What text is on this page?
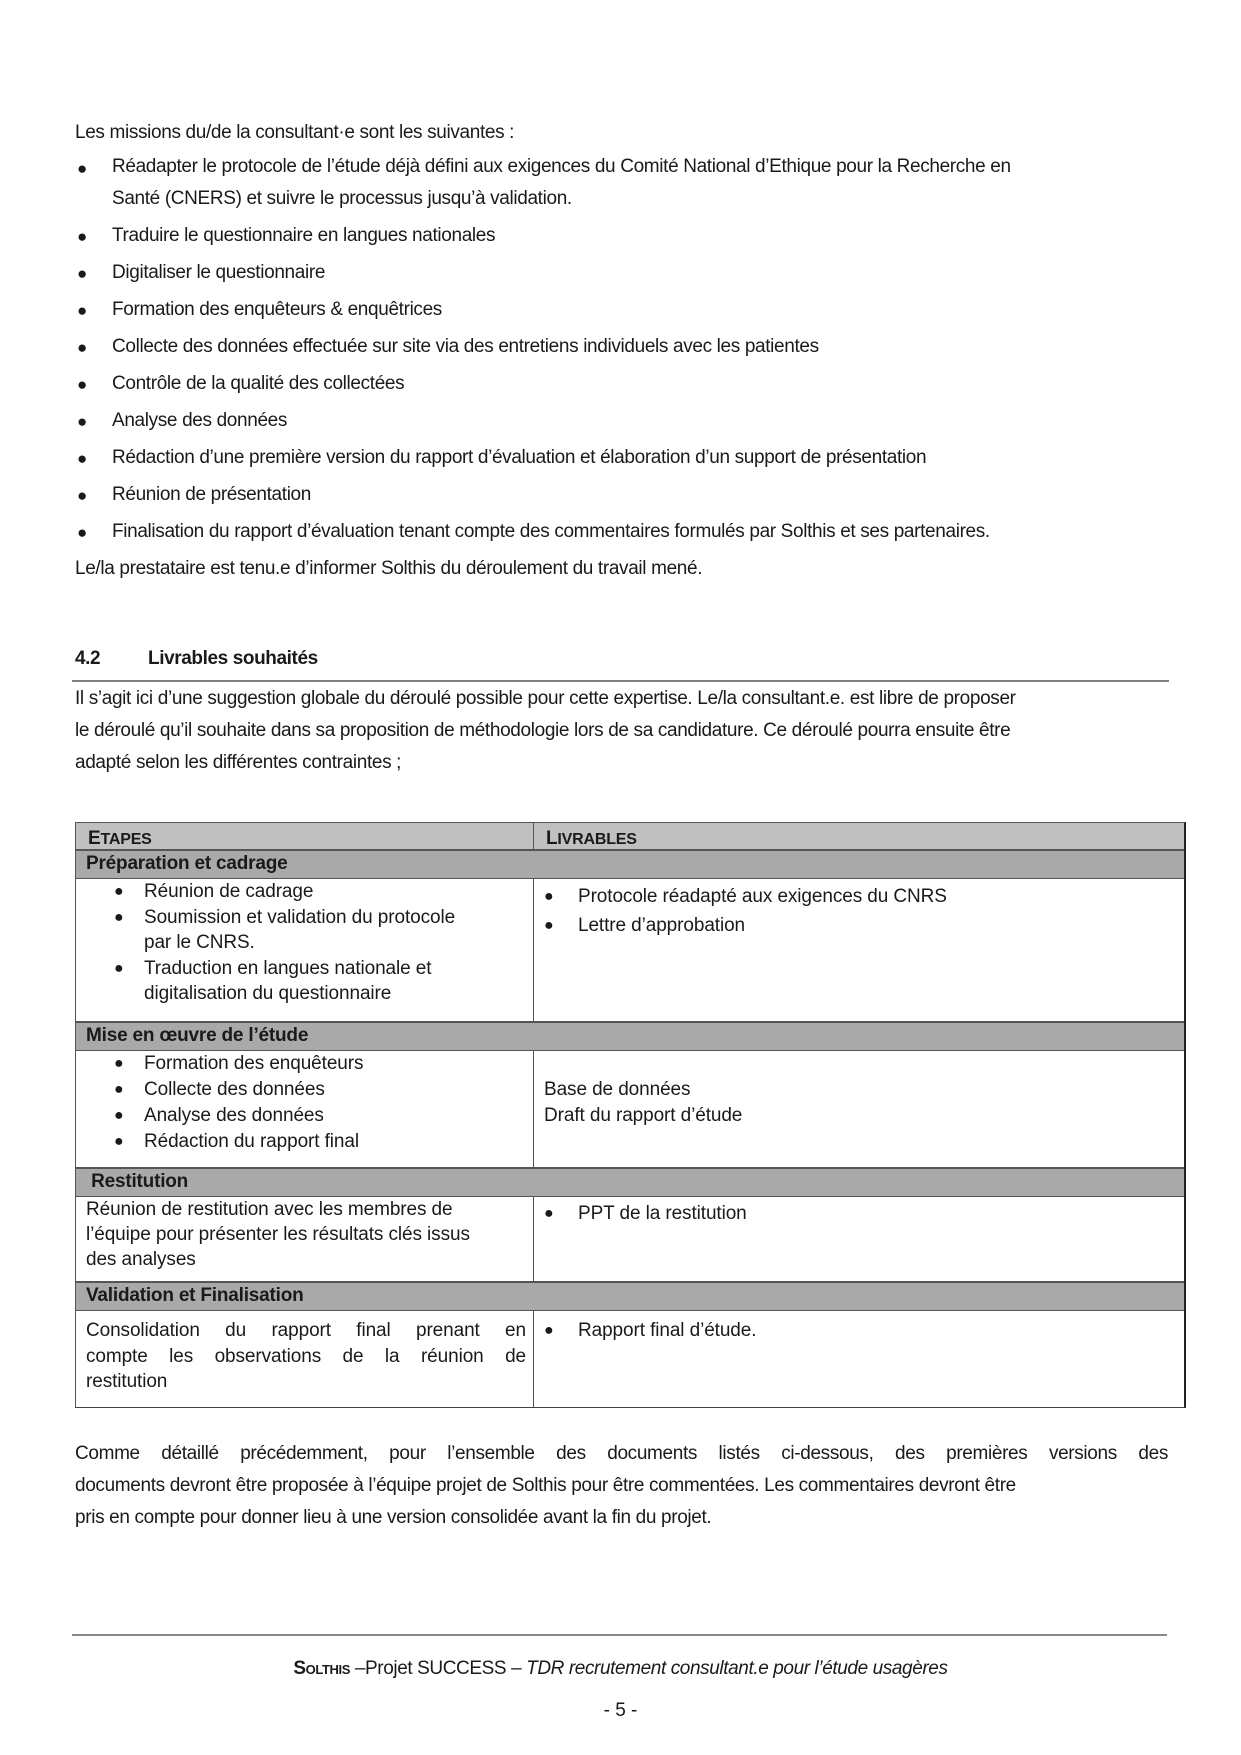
Les missions du/de la consultant·e sont les suivantes :
● Réadapter le protocole de l’étude déjà défini aux exigences du Comité National d’Ethique pour la Recherche en
Santé (CNERS) et suivre le processus jusqu’à validation.
● Traduire le questionnaire en langues nationales
● Digitaliser le questionnaire
● Formation des enquêteurs & enquêtrices
● Collecte des données effectuée sur site via des entretiens individuels avec les patientes
● Contrôle de la qualité des collectées
● Analyse des données
● Rédaction d’une première version du rapport d’évaluation et élaboration d’un support de présentation
● Réunion de présentation
● Finalisation du rapport d’évaluation tenant compte des commentaires formulés par Solthis et ses partenaires.
Le/la prestataire est tenu.e d’informer Solthis du déroulement du travail mené.
4.2	Livrables souhaités
Il s’agit ici d’une suggestion globale du déroulé possible pour cette expertise. Le/la consultant.e. est libre de proposer
le déroulé qu’il souhaite dans sa proposition de méthodologie lors de sa candidature. Ce déroulé pourra ensuite être
adapté selon les différentes contraintes ;
ETAPES	LIVRABLES
Préparation et cadrage
● Réunion de cadrage
● Soumission et validation du protocole
par le CNRS.
● Traduction en langues nationale et
digitalisation du questionnaire
● Protocole réadapté aux exigences du CNRS
● Lettre d’approbation
Mise en œuvre de l’étude
● Formation des enquêteurs
● Collecte des données
● Analyse des données
● Rédaction du rapport final
Base de données
Draft du rapport d’étude
Restitution
Réunion de restitution avec les membres de
l’équipe pour présenter les résultats clés issus
des analyses
● PPT de la restitution
Validation et Finalisation
Consolidation du rapport final prenant en
compte les observations de la réunion de
restitution
● Rapport final d’étude.
Comme détaillé précédemment, pour l’ensemble des documents listés ci-dessous, des premières versions des
documents devront être proposée à l’équipe projet de Solthis pour être commentées. Les commentaires devront être
pris en compte pour donner lieu à une version consolidée avant la fin du projet.
Solthis –Projet SUCCESS – TDR recrutement consultant.e pour l’étude usagères
- 5 -
